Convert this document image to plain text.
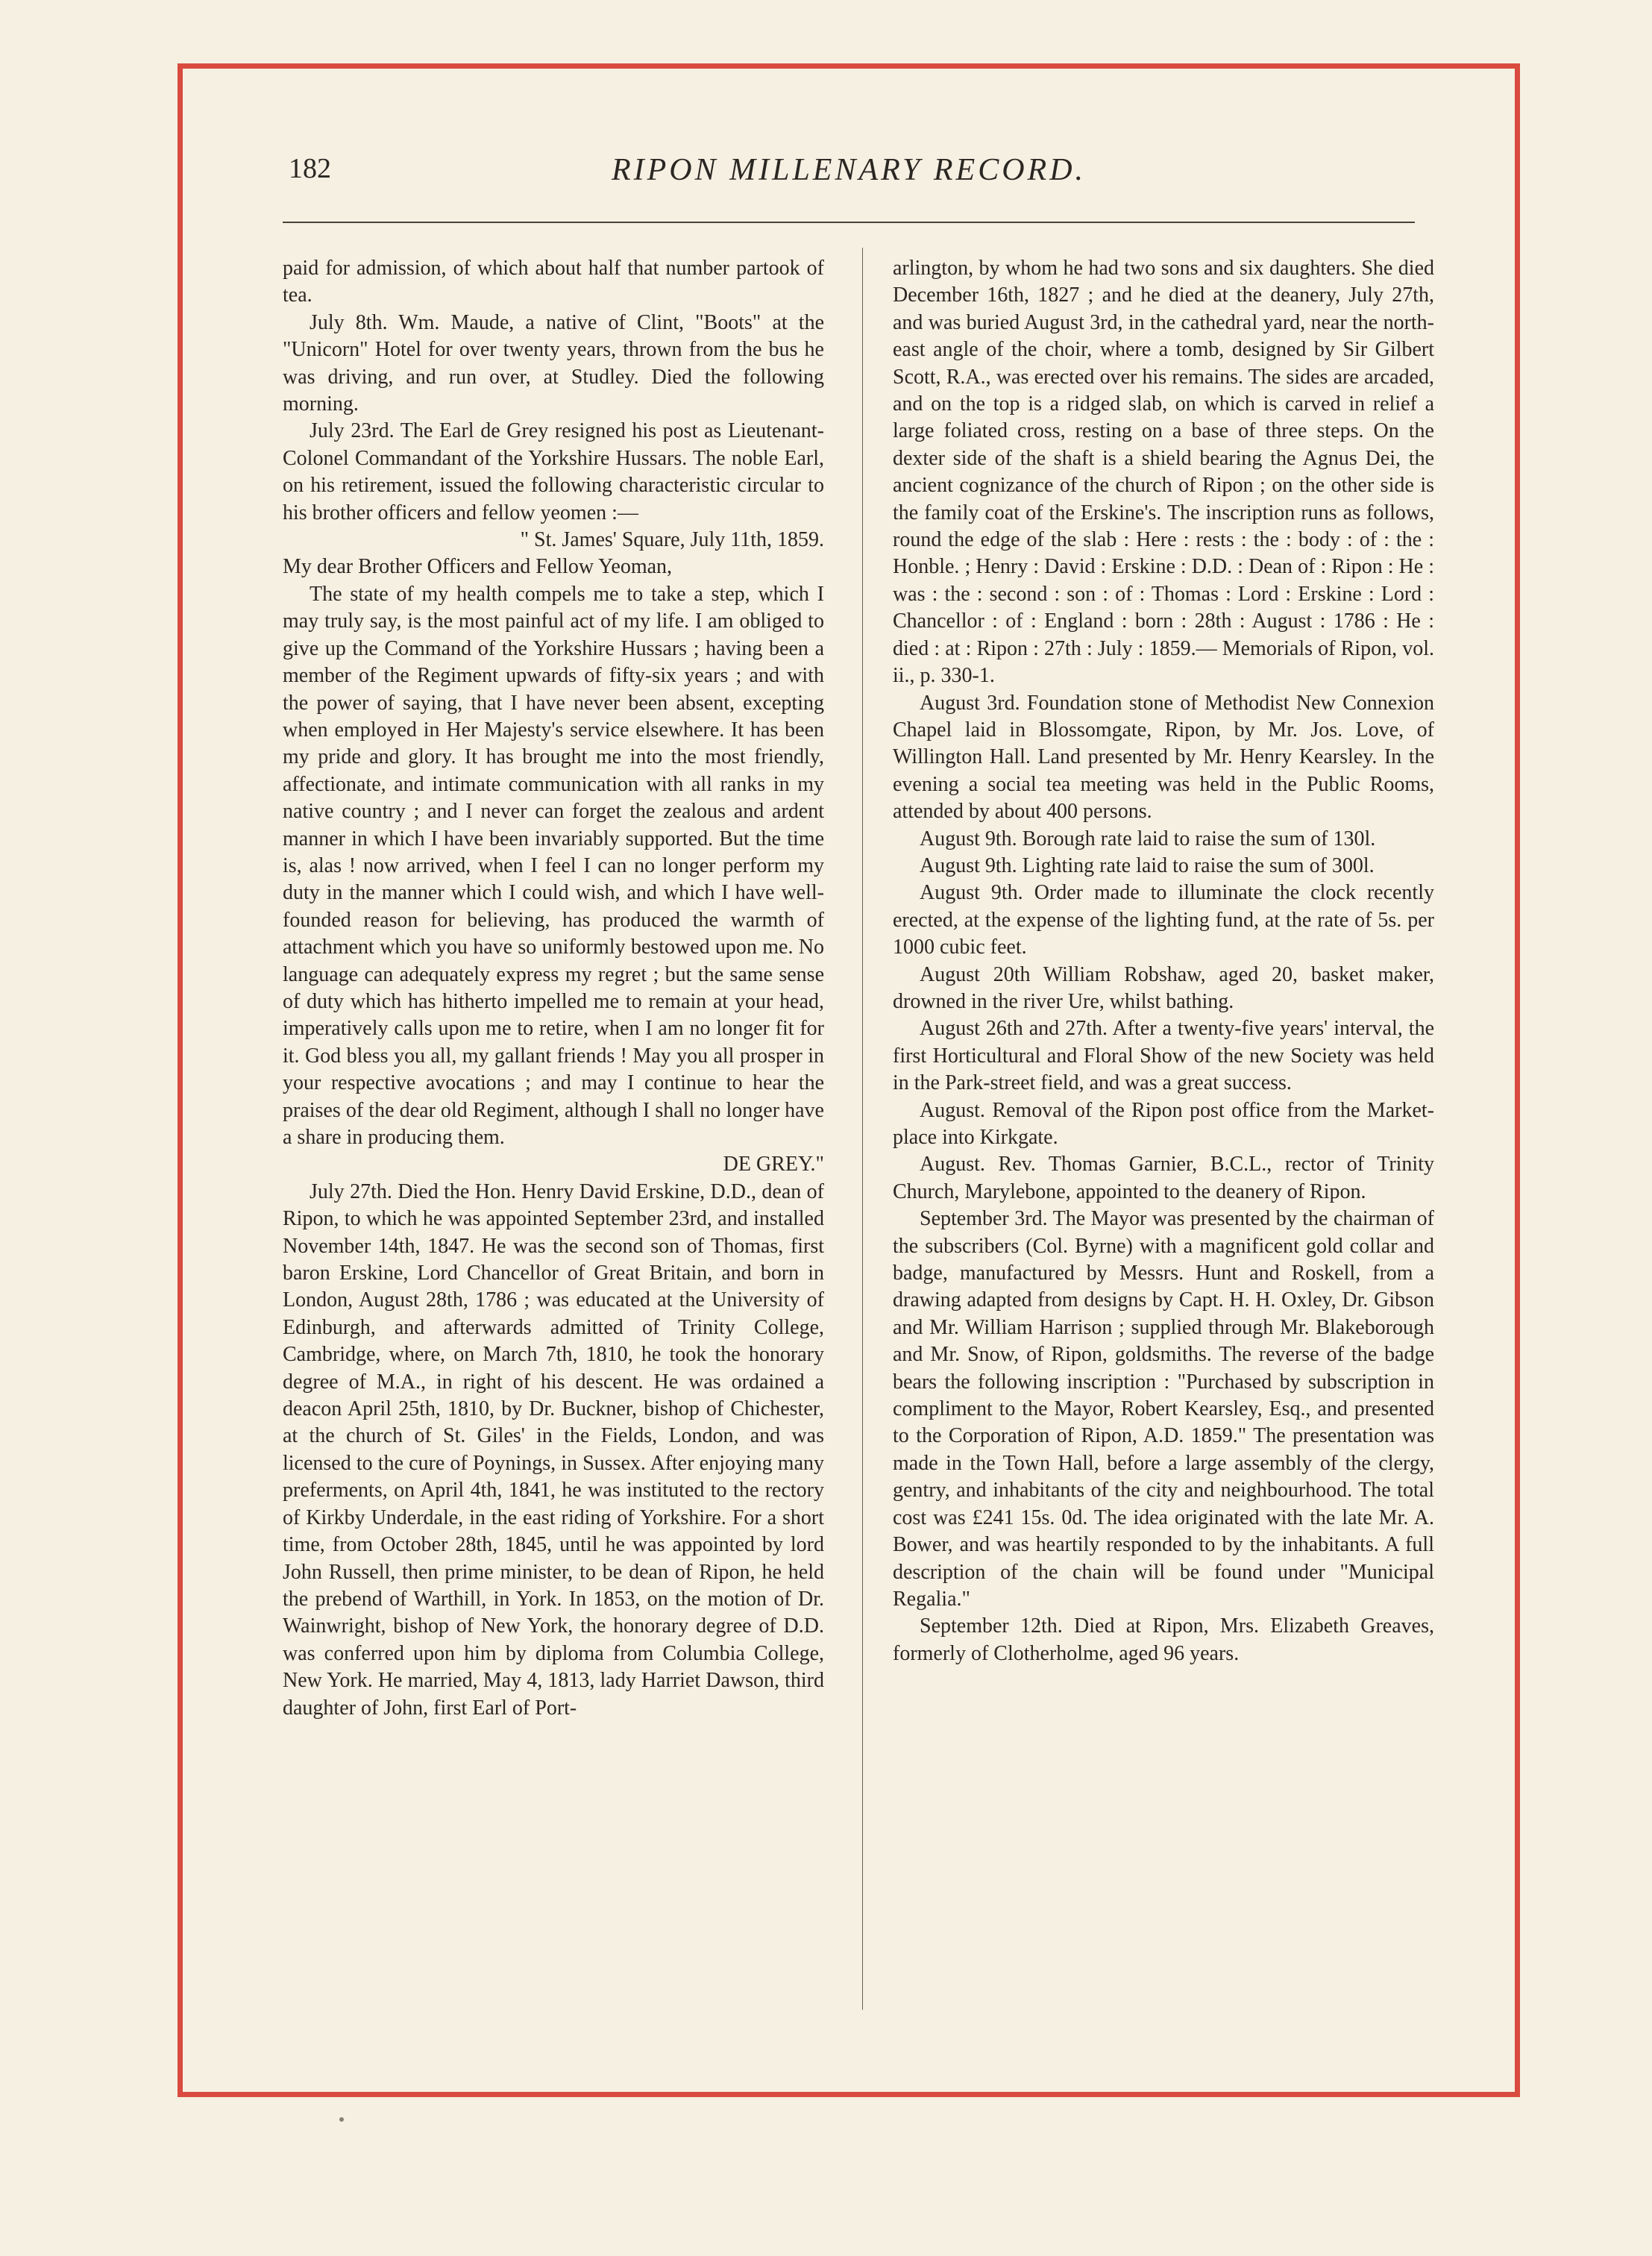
182	RIPON MILLENARY RECORD.

paid for admission, of which about half that number partook of tea.

July 8th. Wm. Maude, a native of Clint, "Boots" at the "Unicorn" Hotel for over twenty years, thrown from the bus he was driving, and run over, at Studley. Died the following morning.

July 23rd. The Earl de Grey resigned his post as Lieutenant-Colonel Commandant of the Yorkshire Hussars. The noble Earl, on his retirement, issued the following characteristic circular to his brother officers and fellow yeomen :—

" St. James' Square, July 11th, 1859.

My dear Brother Officers and Fellow Yeoman,

The state of my health compels me to take a step, which I may truly say, is the most painful act of my life. I am obliged to give up the Command of the Yorkshire Hussars ; having been a member of the Regiment upwards of fifty-six years ; and with the power of saying, that I have never been absent, excepting when employed in Her Majesty's service elsewhere. It has been my pride and glory. It has brought me into the most friendly, affectionate, and intimate communication with all ranks in my native country ; and I never can forget the zealous and ardent manner in which I have been invariably supported. But the time is, alas ! now arrived, when I feel I can no longer perform my duty in the manner which I could wish, and which I have well-founded reason for believing, has produced the warmth of attachment which you have so uniformly bestowed upon me. No language can adequately express my regret ; but the same sense of duty which has hitherto impelled me to remain at your head, imperatively calls upon me to retire, when I am no longer fit for it. God bless you all, my gallant friends ! May you all prosper in your respective avocations ; and may I continue to hear the praises of the dear old Regiment, although I shall no longer have a share in producing them.

DE GREY."

July 27th. Died the Hon. Henry David Erskine, D.D., dean of Ripon, to which he was appointed September 23rd, and installed November 14th, 1847. He was the second son of Thomas, first baron Erskine, Lord Chancellor of Great Britain, and born in London, August 28th, 1786 ; was educated at the University of Edinburgh, and afterwards admitted of Trinity College, Cambridge, where, on March 7th, 1810, he took the honorary degree of M.A., in right of his descent. He was ordained a deacon April 25th, 1810, by Dr. Buckner, bishop of Chichester, at the church of St. Giles' in the Fields, London, and was licensed to the cure of Poynings, in Sussex. After enjoying many preferments, on April 4th, 1841, he was instituted to the rectory of Kirkby Underdale, in the east riding of Yorkshire. For a short time, from October 28th, 1845, until he was appointed by lord John Russell, then prime minister, to be dean of Ripon, he held the prebend of Warthill, in York. In 1853, on the motion of Dr. Wainwright, bishop of New York, the honorary degree of D.D. was conferred upon him by diploma from Columbia College, New York. He married, May 4, 1813, lady Harriet Dawson, third daughter of John, first Earl of Port-

arlington, by whom he had two sons and six daughters. She died December 16th, 1827 ; and he died at the deanery, July 27th, and was buried August 3rd, in the cathedral yard, near the north-east angle of the choir, where a tomb, designed by Sir Gilbert Scott, R.A., was erected over his remains. The sides are arcaded, and on the top is a ridged slab, on which is carved in relief a large foliated cross, resting on a base of three steps. On the dexter side of the shaft is a shield bearing the Agnus Dei, the ancient cognizance of the church of Ripon ; on the other side is the family coat of the Erskine's. The inscription runs as follows, round the edge of the slab : Here : rests : the : body : of : the : Honble. ; Henry : David : Erskine : D.D. : Dean of : Ripon : He : was : the : second : son : of : Thomas : Lord : Erskine : Lord : Chancellor : of : England : born : 28th : August : 1786 : He : died : at : Ripon : 27th : July : 1859.— Memorials of Ripon, vol. ii., p. 330-1.

August 3rd. Foundation stone of Methodist New Connexion Chapel laid in Blossomgate, Ripon, by Mr. Jos. Love, of Willington Hall. Land presented by Mr. Henry Kearsley. In the evening a social tea meeting was held in the Public Rooms, attended by about 400 persons.

August 9th. Borough rate laid to raise the sum of 130l.

August 9th. Lighting rate laid to raise the sum of 300l.

August 9th. Order made to illuminate the clock recently erected, at the expense of the lighting fund, at the rate of 5s. per 1000 cubic feet.

August 20th William Robshaw, aged 20, basket maker, drowned in the river Ure, whilst bathing.

August 26th and 27th. After a twenty-five years' interval, the first Horticultural and Floral Show of the new Society was held in the Park-street field, and was a great success.

August. Removal of the Ripon post office from the Market-place into Kirkgate.

August. Rev. Thomas Garnier, B.C.L., rector of Trinity Church, Marylebone, appointed to the deanery of Ripon.

September 3rd. The Mayor was presented by the chairman of the subscribers (Col. Byrne) with a magnificent gold collar and badge, manufactured by Messrs. Hunt and Roskell, from a drawing adapted from designs by Capt. H. H. Oxley, Dr. Gibson and Mr. William Harrison ; supplied through Mr. Blakeborough and Mr. Snow, of Ripon, goldsmiths. The reverse of the badge bears the following inscription : "Purchased by subscription in compliment to the Mayor, Robert Kearsley, Esq., and presented to the Corporation of Ripon, A.D. 1859." The presentation was made in the Town Hall, before a large assembly of the clergy, gentry, and inhabitants of the city and neighbourhood. The total cost was £241 15s. 0d. The idea originated with the late Mr. A. Bower, and was heartily responded to by the inhabitants. A full description of the chain will be found under "Municipal Regalia."

September 12th. Died at Ripon, Mrs. Elizabeth Greaves, formerly of Clotherholme, aged 96 years.
